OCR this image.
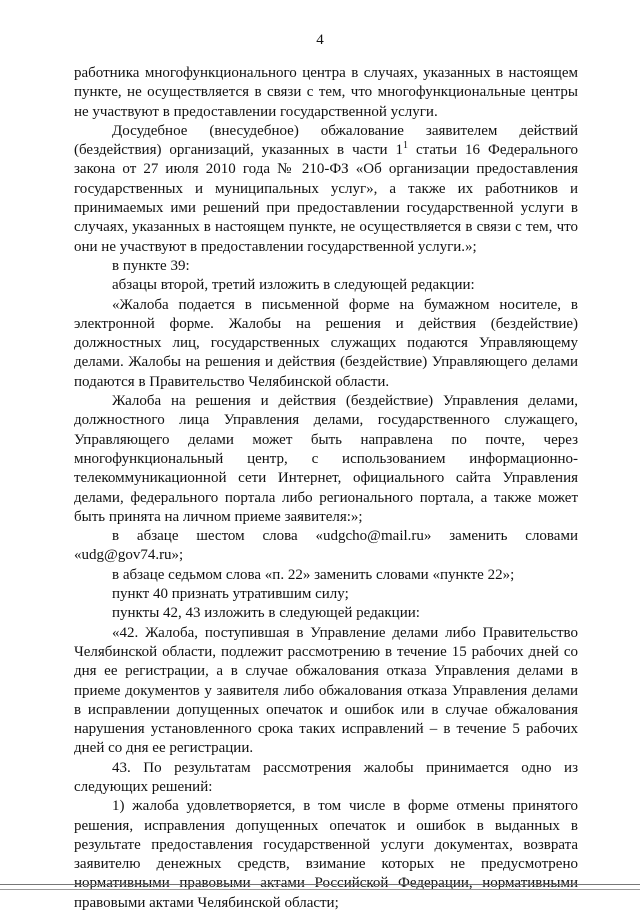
4

работника многофункционального центра в случаях, указанных в настоящем пункте, не осуществляется в связи с тем, что многофункциональные центры не участвуют в предоставлении государственной услуги.

Досудебное (внесудебное) обжалование заявителем действий (бездействия) организаций, указанных в части $1^1$ статьи 16 Федерального закона от 27 июля 2010 года № 210-ФЗ «Об организации предоставления государственных и муниципальных услуг», а также их работников и принимаемых ими решений при предоставлении государственной услуги в случаях, указанных в настоящем пункте, не осуществляется в связи с тем, что они не участвуют в предоставлении государственной услуги.»;

в пункте 39:

абзацы второй, третий изложить в следующей редакции:

«Жалоба подается в письменной форме на бумажном носителе, в электронной форме. Жалобы на решения и действия (бездействие) должностных лиц, государственных служащих подаются Управляющему делами. Жалобы на решения и действия (бездействие) Управляющего делами подаются в Правительство Челябинской области.

Жалоба на решения и действия (бездействие) Управления делами, должностного лица Управления делами, государственного служащего, Управляющего делами может быть направлена по почте, через многофункциональный центр, с использованием информационно-телекоммуникационной сети Интернет, официального сайта Управления делами, федерального портала либо регионального портала, а также может быть принята на личном приеме заявителя:»;

в абзаце шестом слова «udgcho@mail.ru» заменить словами «udg@gov74.ru»;

в абзаце седьмом слова «п. 22» заменить словами «пункте 22»;

пункт 40 признать утратившим силу;

пункты 42, 43 изложить в следующей редакции:

«42. Жалоба, поступившая в Управление делами либо Правительство Челябинской области, подлежит рассмотрению в течение 15 рабочих дней со дня ее регистрации, а в случае обжалования отказа Управления делами в приеме документов у заявителя либо обжалования отказа Управления делами в исправлении допущенных опечаток и ошибок или в случае обжалования нарушения установленного срока таких исправлений – в течение 5 рабочих дней со дня ее регистрации.

43. По результатам рассмотрения жалобы принимается одно из следующих решений:

1) жалоба удовлетворяется, в том числе в форме отмены принятого решения, исправления допущенных опечаток и ошибок в выданных в результате предоставления государственной услуги документах, возврата заявителю денежных средств, взимание которых не предусмотрено нормативными правовыми актами Российской Федерации, нормативными правовыми актами Челябинской области;
